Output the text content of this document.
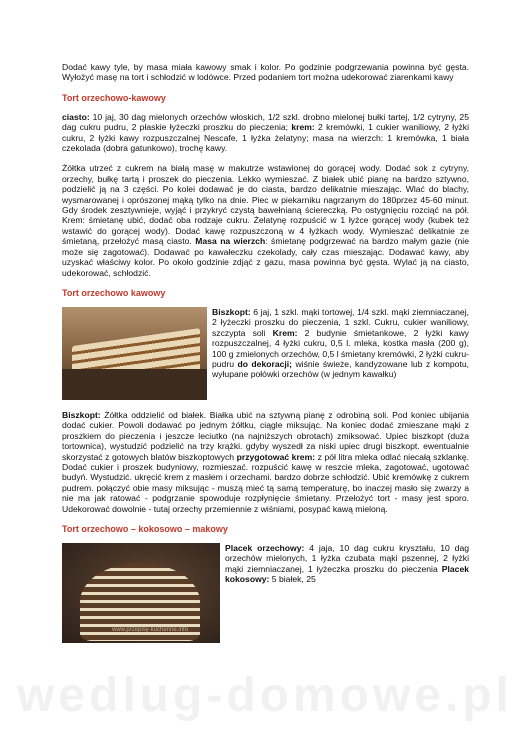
Dodać kawy tyle, by masa miała kawowy smak i kolor. Po godzinie podgrzewania powinna być gęsta. Wyłożyć masę na tort i schłodzić w lodówce. Przed podaniem tort można udekorować ziarenkami kawy

Tort orzechowo-kawowy

ciasto: 10 jaj, 30 dag mielonych orzechów włoskich, 1/2 szkl. drobno mielonej bułki tartej, 1/2 cytryny, 25 dag cukru pudru, 2 płaskie łyżeczki proszku do pieczenia; krem: 2 kremówki, 1 cukier waniliowy, 2 łyżki cukru, 2 łyżki kawy rozpuszczalnej Nescafe, 1 łyżka żelatyny; masa na wierzch: 1 kremówka, 1 biała czekolada (dobra gatunkowo), trochę kawy.

Żółtka utrzeć z cukrem na białą masę w makutrze wstawionej do gorącej wody. Dodać sok z cytryny, orzechy, bułkę tartą i proszek do pieczenia. Lekko wymieszać. Z białek ubić pianę na bardzo sztywno, podzielić ją na 3 części. Po kolei dodawać je do ciasta, bardzo delikatnie mieszając. Wlać do blachy, wysmarowanej i oprószonej mąką tylko na dnie. Piec w piekarniku nagrzanym do 180przez 45-60 minut. Gdy środek zesztywnieje, wyjąć i przykryć czystą bawełnianą ściereczką. Po ostygnięciu rozciąć na pół. Krem: śmietanę ubić, dodać oba rodzaje cukru. Żelatynę rozpuścić w 1 łyżce gorącej wody (kubek też wstawić do gorącej wody). Dodać kawę rozpuszczoną w 4 łyżkach wody. Wymieszać delikatnie ze śmietaną, przełożyć masą ciasto. Masa na wierzch: śmietanę podgrzewać na bardzo małym gazie (nie może się zagotować). Dodawać po kawałeczku czekolady, cały czas mieszając. Dodawać kawy, aby uzyskać właściwy kolor. Po około godzinie zdjąć z gazu, masa powinna być gęsta. Wylać ją na ciasto, udekorować, schłodzić.

Tort orzechowo kawowy

Biszkopt: 6 jaj, 1 szkl. mąki tortowej, 1/4 szkl. mąki ziemniaczanej, 2 łyżeczki proszku do pieczenia, 1 szkl. Cukru, cukier waniliowy, szczypta soli Krem: 2 budynie śmietankowe, 2 łyżki kawy rozpuszczalnej, 4 łyżki cukru, 0,5 l. mleka, kostka masła (200 g), 100 g zmielonych orzechów, 0,5 l śmietany kremówki, 2 łyżki cukru-pudru do dekoracji; wiśnie świeże, kandyzowane lub z kompotu, wyłupane połówki orzechów (w jednym kawałku)

Biszkopt: Żółtka oddzielić od białek. Białka ubić na sztywną pianę z odrobiną soli. Pod koniec ubijania dodać cukier. Powoli dodawać po jednym żółtku, ciągle miksując. Na koniec dodać zmieszane mąki z proszkiem do pieczenia i jeszcze leciutko (na najniższych obrotach) zmiksować. Upiec biszkopt (duża tortownica), wystudzić podzielić na trzy krążki. gdyby wyszedł za niski upiec drugi biszkopt. ewentualnie skorzystać z gotowych blatów biszkoptowych przygotować krem: z pół litra mleka odlać niecałą szklankę. Dodać cukier i proszek budyniowy, rozmieszać. rozpuścić kawę w reszcie mleka, zagotować, ugotować budyń. Wystudzić. ukręcić krem z masłem i orzechami. bardzo dobrze schłodzić. Ubić kremówkę z cukrem pudrem. połączyć obie masy miksując - muszą mieć tą samą temperaturę, bo inaczej masło się zwarzy a nie ma jak ratować - podgrzanie spowoduje rozpłynięcie śmietany. Przełożyć tort - masy jest sporo. Udekorować dowolnie - tutaj orzechy przemiennie z wiśniami, posypać kawą mieloną.

Tort orzechowo – kokosowo – makowy
www.przepisy-kuchenne.info

Placek orzechowy: 4 jaja, 10 dag cukru kryształu, 10 dag orzechów mielonych, 1 łyżka czubata mąki pszennej, 2 łyżki mąki ziemniaczanej, 1 łyżeczka proszku do pieczenia Placek kokosowy: 5 białek, 25

wedlug-domowe.pl
